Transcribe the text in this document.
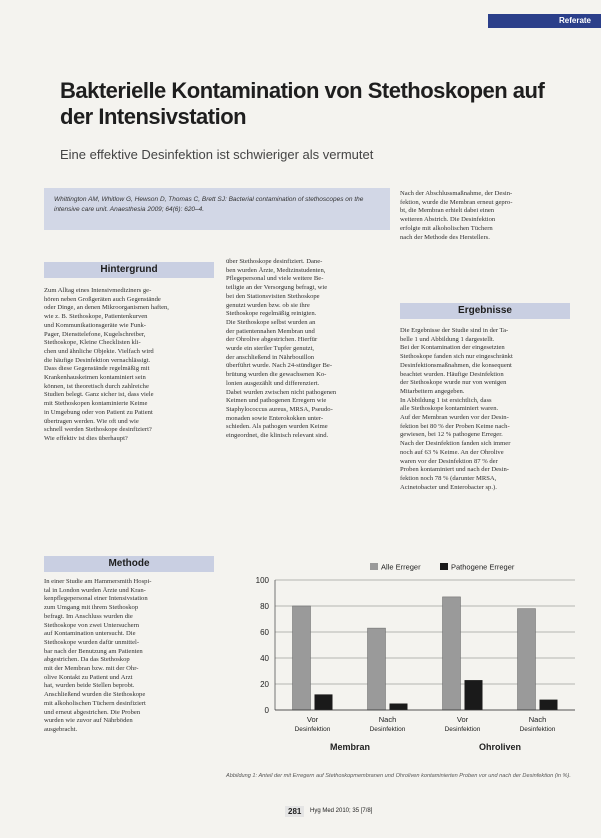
Referate
Bakterielle Kontamination von Stethoskopen auf der Intensivstation
Eine effektive Desinfektion ist schwieriger als vermutet
Whittington AM, Whitlow G, Hewson D, Thomas C, Brett SJ: Bacterial contamination of stethoscopes on the intensive care unit. Anaesthesia 2009; 64(6): 620–4.
Hintergrund
Zum Alltag eines Intensivmediziners ge-
hören neben Großgeräten auch Gegenstände
oder Dinge, an denen Mikroorganismen haften,
wie z. B. Stethoskope, Patientenkurven
und Kommunikationsgeräte wie Funk-
Pager, Diensttelefone, Kugelschreiber,
Stethoskope, Kleine Checklisten kli-
chen und ähnliche Objekte. Vielfach wird
die häufige Desinfektion vernachlässigt.
Dass diese Gegenstände regelmäßig mit
Krankenhauskeimen kontaminiert sein
können, ist theoretisch durch zahlreiche
Studien belegt. Ganz sicher ist, dass viele
mit Stethoskopen kontaminierte Keime
in Umgebung oder von Patient zu Patient
übertragen werden. Wie oft und wie
schnell werden Stethoskope desinfiziert?
Wie effektiv ist dies überhaupt?
Methode
In einer Studie am Hammersmith Hospi-
tal in London wurden Ärzte und Kran-
kenpflegepersonal einer Intensivstation
zum Umgang mit ihrem Stethoskop
befragt. Im Anschluss wurden die
Stethoskope von zwei Untersuchern
auf Kontamination untersucht. Die
Stethoskope wurden dafür unmittel-
bar nach der Benutzung am Patienten
abgestrichen. Da das Stethoskop
mit der Membran bzw. mit der Ohr-
olive Kontakt zu Patient und Arzt
hat, wurden beide Stellen beprobt.
Anschließend wurden die Stethoskope
mit alkoholischen Tüchern desinfiziert
und erneut abgestrichen. Die Proben
wurden wie zuvor auf Nährböden
ausgebracht.
über Stethoskope desinfiziert. Dane-
ben wurden Ärzte, Medizinstudenten,
Pflegepersonal und viele weitere Be-
teiligte an der Versorgung befragt, wie
bei den Stationsvisiten Stethoskope
genutzt wurden bzw. ob sie ihre
Stethoskope regelmäßig reinigten.
Die Stethoskope selbst wurden an
der patientennahen Membran und
der Ohrolive abgestrichen. Hierfür
wurde ein steriler Tupfer genutzt,
der anschließend in Nährbouillon
überführt wurde. Nach 24-stündiger Be-
brütung wurden die gewachsenen Ko-
lonien ausgezählt und differenziert.
Dabei wurden zwischen nicht pathogenen
Keimen und pathogenen Erregern wie
Staphylococcus aureus, MRSA, Pseudo-
monaden sowie Enterokokken unter-
schieden. Als pathogen wurden Keime
eingeordnet, die klinisch relevant sind.
Nach der Abschlussmaßnahme, der Desin-
fektion, wurde die Membran erneut gepro-
bt, die Membran erhielt dabei einen
weiteren Abstrich. Die Desinfektion
erfolgte mit alkoholischen Tüchern
nach der Methode des Herstellers.
Ergebnisse
Die Ergebnisse der Studie sind in der Ta-
belle 1 und Abbildung 1 dargestellt.
Bei der Kontamination der eingesetzten
Stethoskope fanden sich nur eingeschränkt
Desinfektionsmaßnahmen, die konsequent
beachtet wurden. Häufige Desinfektion
der Stethoskope wurde nur von wenigen
Mitarbeitern angegeben.
In Abbildung 1 ist ersichtlich, dass
alle Stethoskope kontaminiert waren.
Auf der Membran wurden vor der Desin-
fektion bei 80 % der Proben Keime nach-
gewiesen, bei 12 % pathogene Erreger.
Nach der Desinfektion fanden sich immer
noch auf 63 % Keime. An der Ohrolive
waren vor der Desinfektion 87 % der
Proben kontaminiert und nach der Desin-
fektion noch 78 % (darunter MRSA,
Acinetobacter und Enterobacter sp.).
0
20
40
60
80
100
Alle Erreger	Pathogene Erreger
Vor
Desinfektion
Nach
Desinfektion
Vor
Desinfektion
Nach
Desinfektion
Membran	Ohroliven
Abbildung 1: Anteil der mit Erregern auf Stethoskopmembranen und Ohroliven kontaminierten Proben vor und nach der Desinfektion (in %).
281	Hyg Med 2010; 35 [7/8]
